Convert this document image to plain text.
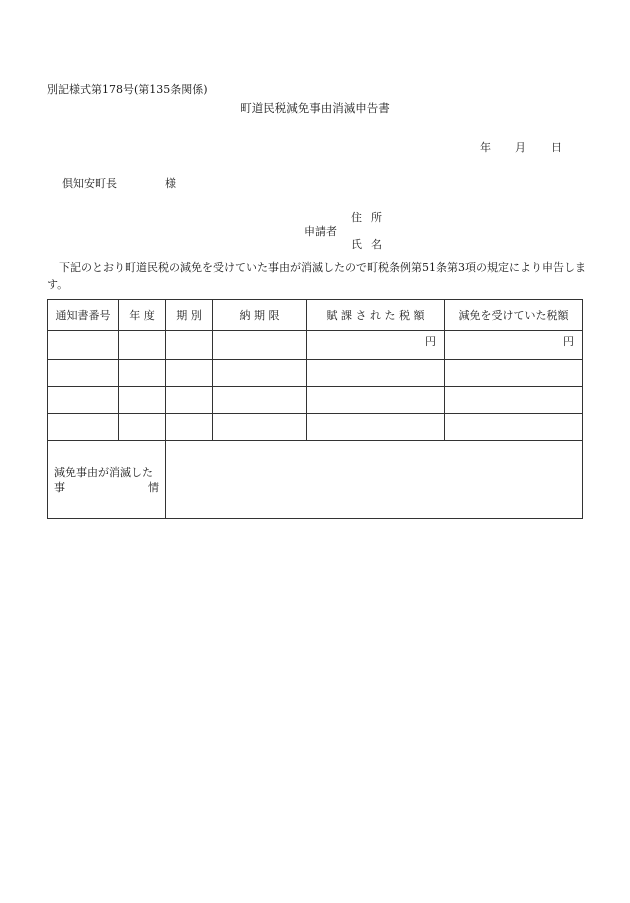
別記様式第178号(第135条関係)
町道民税減免事由消滅申告書
年 月 日
倶知安町長	様
申請者
住所
氏名
下記のとおり町道民税の減免を受けていた事由が消滅したので町税条例第51条第3項の規定により申告します。
通知書番号	年 度	期 別	納 期 限	賦 課 さ れ た 税 額	減免を受けていた税額
				円	円

減免事由が消滅した
事 情					
